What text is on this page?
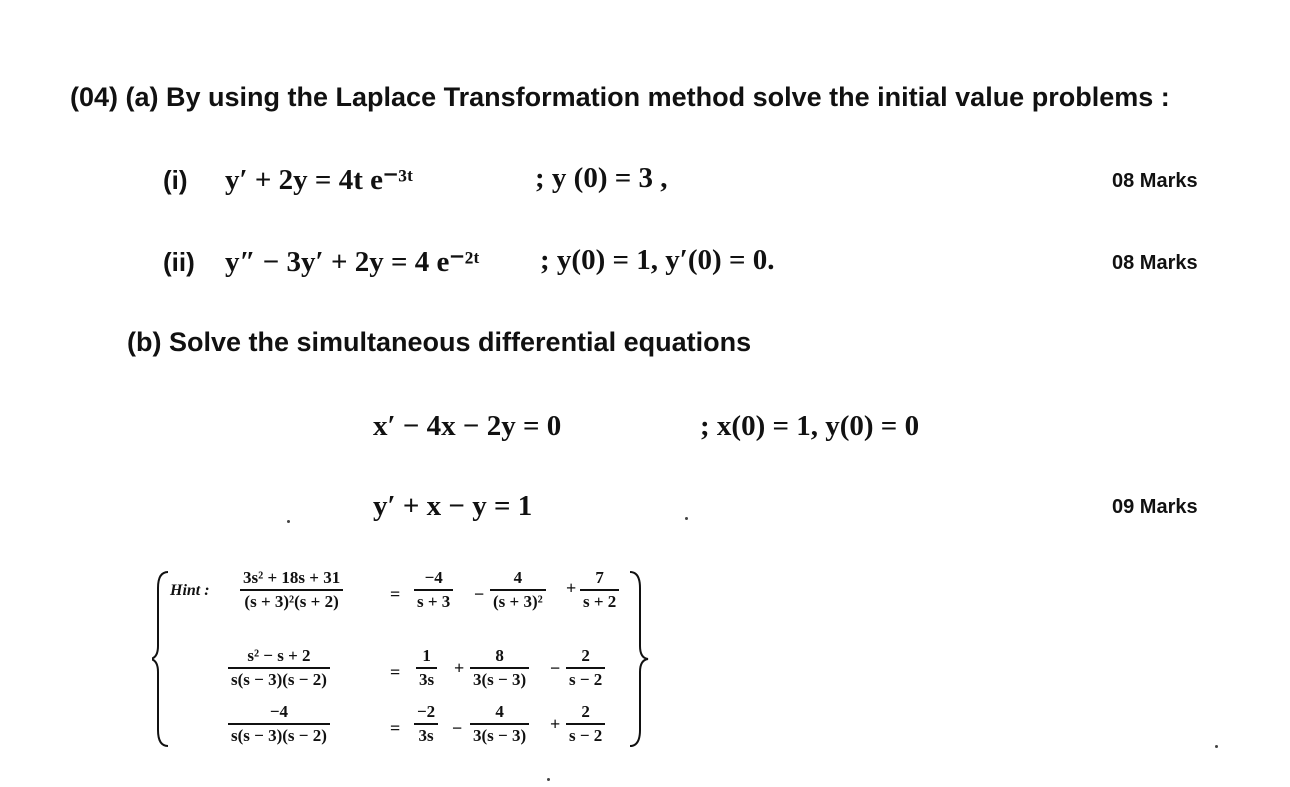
(04) (a) By using the Laplace Transformation method solve the initial value problems :
(i) y′ + 2y = 4t e⁻³ᵗ	; y (0) = 3 ,	08 Marks
(ii) y″ − 3y′ + 2y = 4 e⁻²ᵗ ; y(0) = 1, y′(0) = 0.	08 Marks
(b) Solve the simultaneous differential equations
x′ − 4x − 2y = 0	; x(0) = 1, y(0) = 0
y′ + x − y = 1	09 Marks
Hint :
3s² + 18s + 31
(s + 3)²(s + 2)	=
−4
s + 3 −
4
(s + 3)²
+
7
s + 2
s² − s + 2
s(s − 3)(s − 2)	=
1
3s
+
8
3(s − 3)
−
2
s − 2
−4
s(s − 3)(s − 2)	=
−2
3s −
4
3(s − 3)
+
2
s − 2
